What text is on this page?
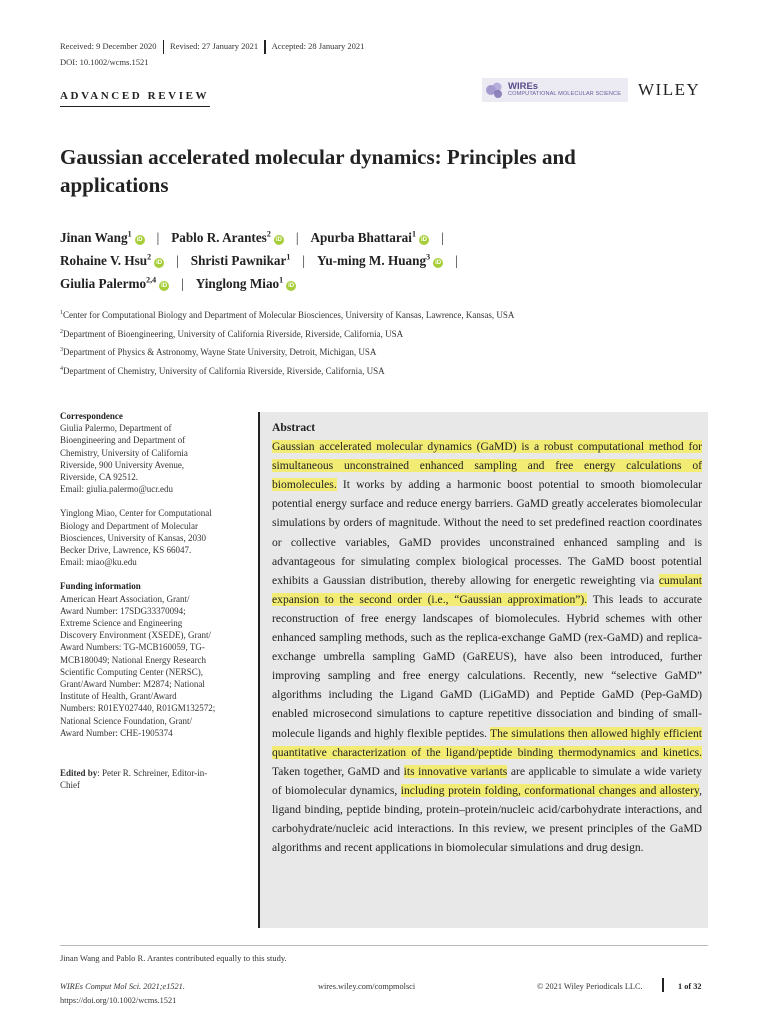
Received: 9 December 2020 Revised: 27 January 2021 Accepted: 28 January 2021
DOI: 10.1002/wcms.1521
ADVANCED REVIEW
WIREs
COMPUTATIONAL MOLECULAR SCIENCE WILEY
Gaussian accelerated molecular dynamics: Principles and applications
Jinan Wang$^1$iD | Pablo R. Arantes$^2$iD | Apurba Bhattarai$^1$iD |
Rohaine V. Hsu$^2$iD | Shristi Pawnikar$^1$ | Yu-ming M. Huang$^3$iD |
Giulia Palermo$^{2,4}$iD | Yinglong Miao$^1$iD
$^1$Center for Computational Biology and Department of Molecular Biosciences, University of Kansas, Lawrence, Kansas, USA
$^2$Department of Bioengineering, University of California Riverside, Riverside, California, USA
$^3$Department of Physics & Astronomy, Wayne State University, Detroit, Michigan, USA
$^4$Department of Chemistry, University of California Riverside, Riverside, California, USA

Correspondence

Giulia Palermo, Department of

Bioengineering and Department of

Chemistry, University of California

Riverside, 900 University Avenue,

Riverside, CA 92512.

Email: giulia.palermo@ucr.edu

Yinglong Miao, Center for Computational

Biology and Department of Molecular

Biosciences, University of Kansas, 2030

Becker Drive, Lawrence, KS 66047.

Email: miao@ku.edu

Funding information

American Heart Association, Grant/

Award Number: 17SDG33370094;

Extreme Science and Engineering

Discovery Environment (XSEDE), Grant/

Award Numbers: TG-MCB160059, TG-

MCB180049; National Energy Research

Scientific Computing Center (NERSC),

Grant/Award Number: M2874; National

Institute of Health, Grant/Award

Numbers: R01EY027440, R01GM132572;

National Science Foundation, Grant/

Award Number: CHE-1905374

Edited by: Peter R. Schreiner, Editor-in-

Chief

Abstract
Gaussian accelerated molecular dynamics (GaMD) is a robust computational method for simultaneous unconstrained enhanced sampling and free energy calculations of biomolecules. It works by adding a harmonic boost potential to smooth biomolecular potential energy surface and reduce energy barriers. GaMD greatly accelerates biomolecular simulations by orders of magnitude. Without the need to set predefined reaction coordinates or collective variables, GaMD provides unconstrained enhanced sampling and is advantageous for simulating complex biological processes. The GaMD boost potential exhibits a Gaussian distribution, thereby allowing for energetic reweighting via cumulant expansion to the second order (i.e., “Gaussian approximation”). This leads to accurate reconstruction of free energy landscapes of biomolecules. Hybrid schemes with other enhanced sampling methods, such as the replica-exchange GaMD (rex-GaMD) and replica-exchange umbrella sampling GaMD (GaREUS), have also been introduced, further improving sampling and free energy calculations. Recently, new “selective GaMD” algorithms including the Ligand GaMD (LiGaMD) and Peptide GaMD (Pep-GaMD) enabled microsecond simulations to capture repetitive dissociation and binding of small-molecule ligands and highly flexible peptides. The simulations then allowed highly efficient quantitative characterization of the ligand/peptide binding thermodynamics and kinetics. Taken together, GaMD and its innovative variants are applicable to simulate a wide variety of biomolecular dynamics, including protein folding, conformational changes and allostery, ligand binding, peptide binding, protein–protein/nucleic acid/carbohydrate interactions, and carbohydrate/nucleic acid interactions. In this review, we present principles of the GaMD algorithms and recent applications in biomolecular simulations and drug design.
Jinan Wang and Pablo R. Arantes contributed equally to this study.
WIREs Comput Mol Sci. 2021;e1521.
https://doi.org/10.1002/wcms.1521
wires.wiley.com/compmolsci	© 2021 Wiley Periodicals LLC.	1 of 32
